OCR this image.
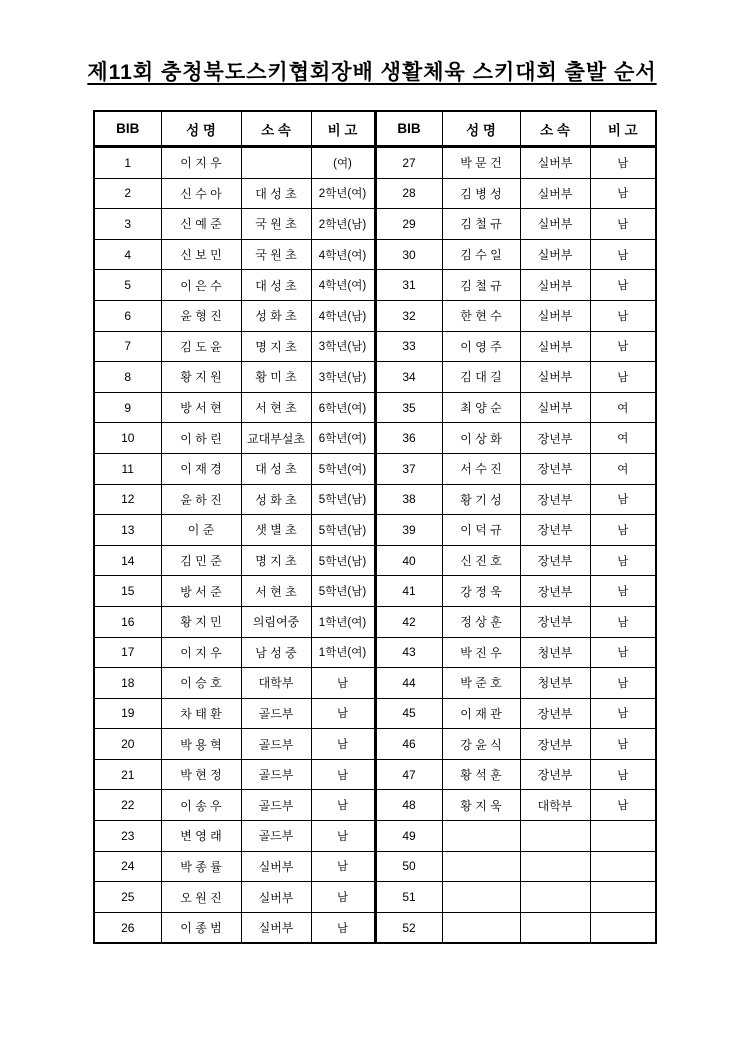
제11회 충청북도스키협회장배 생활체육 스키대회 출발 순서
BIB	성 명	소 속	비 고	BIB	성 명	소 속	비 고
1	이 지 우		(여)	27	박 문 건	실버부	남
2	신 수 아	대 성 초	2학년(여)	28	김 병 성	실버부	남
3	신 예 준	국 원 초	2학년(남)	29	김 철 규	실버부	남
4	신 보 민	국 원 초	4학년(여)	30	김 수 일	실버부	남
5	이 은 수	대 성 초	4학년(여)	31	김 철 규	실버부	남
6	윤 형 진	성 화 초	4학년(남)	32	한 현 수	실버부	남
7	김 도 윤	명 지 초	3학년(남)	33	이 영 주	실버부	남
8	황 지 원	황 미 초	3학년(남)	34	김 대 길	실버부	남
9	방 서 현	서 현 초	6학년(여)	35	최 양 순	실버부	여
10	이 하 린	교대부설초	6학년(여)	36	이 상 화	장년부	여
11	이 재 경	대 성 초	5학년(여)	37	서 수 진	장년부	여
12	윤 하 진	성 화 초	5학년(남)	38	황 기 성	장년부	남
13	이 준	샛 별 초	5학년(남)	39	이 덕 규	장년부	남
14	김 민 준	명 지 초	5학년(남)	40	신 진 호	장년부	남
15	방 서 준	서 현 초	5학년(남)	41	강 정 욱	장년부	남
16	황 지 민	의림여중	1학년(여)	42	정 상 훈	장년부	남
17	이 지 우	남 성 중	1학년(여)	43	박 진 우	청년부	남
18	이 승 호	대학부	남	44	박 준 호	청년부	남
19	차 태 환	골드부	남	45	이 재 관	장년부	남
20	박 용 혁	골드부	남	46	강 윤 식	장년부	남
21	박 현 정	골드부	남	47	황 석 훈	장년부	남
22	이 송 우	골드부	남	48	황 지 욱	대학부	남
23	변 영 래	골드부	남	49			
24	박 종 률	실버부	남	50			
25	오 원 진	실버부	남	51			
26	이 종 범	실버부	남	52			
